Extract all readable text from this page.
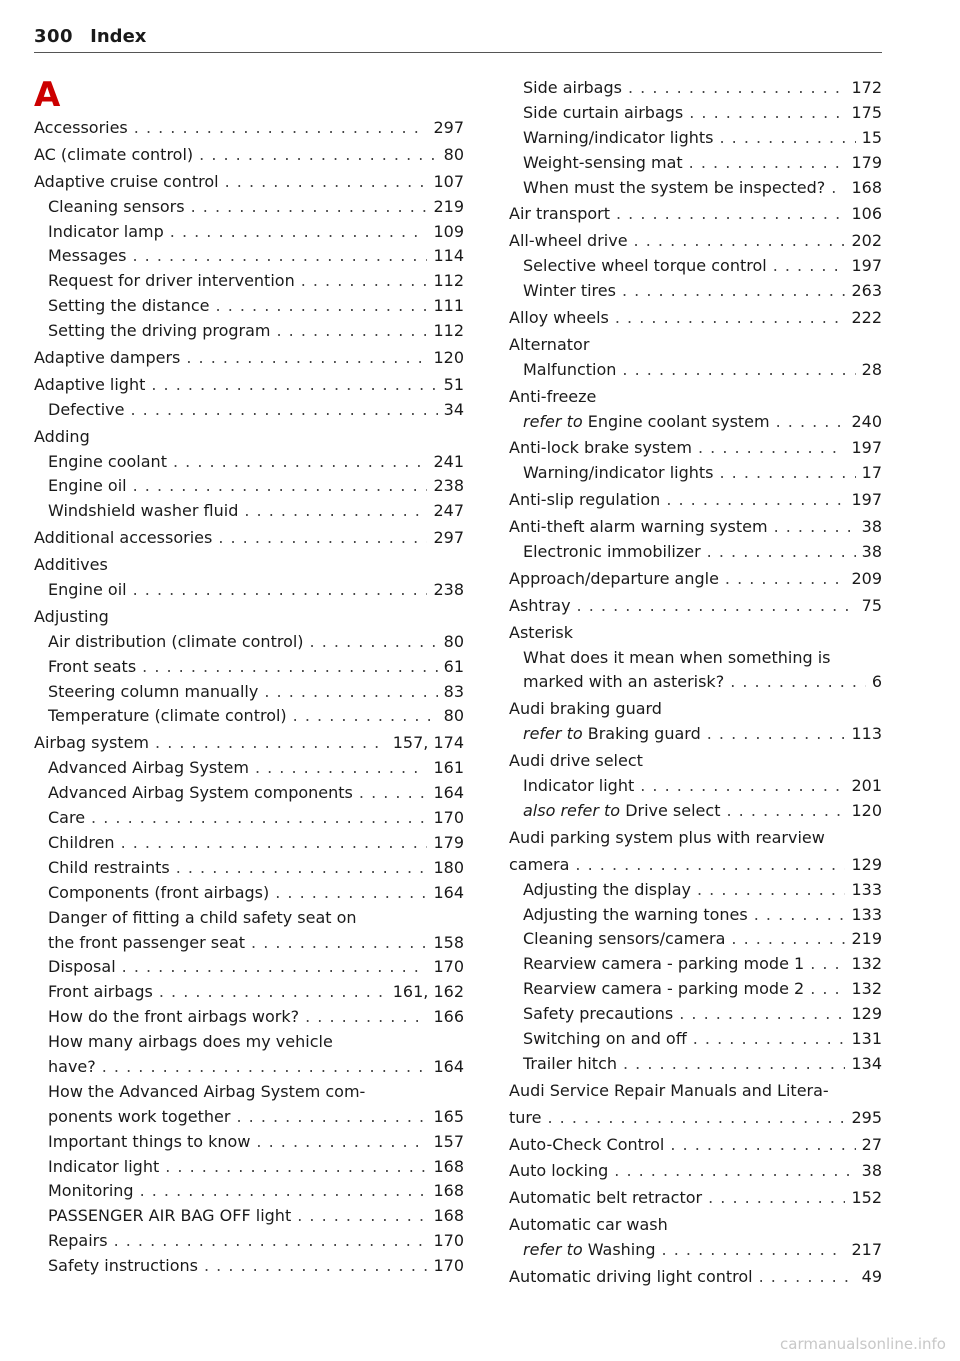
300 Index
A
Accessories . . .	297
AC (climate control) . . .	80
Adaptive cruise control . . .	107
Cleaning sensors . . .	219
Indicator lamp . . .	109
Messages . . .	114
Request for driver intervention . . .	112
Setting the distance . . .	111
Setting the driving program . . .	112
Adaptive dampers . . .	120
Adaptive light . . .	51
Defective . . .	34
Adding
Engine coolant . . .	241
Engine oil . . .	238
Windshield washer fluid . . .	247
Additional accessories . . .	297
Additives
Engine oil . . .	238
Adjusting
Air distribution (climate control) . . .	80
Front seats . . .	61
Steering column manually . . .	83
Temperature (climate control) . . .	80
Airbag system . . .	157, 174
Advanced Airbag System . . .	161
Advanced Airbag System components . . .	164
Care . . .	170
Children . . .	179
Child restraints . . .	180
Components (front airbags) . . .	164
Danger of fitting a child safety seat on
the front passenger seat . . .	158
Disposal . . .	170
Front airbags . . .	161, 162
How do the front airbags work? . . .	166
How many airbags does my vehicle
have? . . .	164
How the Advanced Airbag System com-
ponents work together . . .	165
Important things to know . . .	157
Indicator light . . .	168
Monitoring . . .	168
PASSENGER AIR BAG OFF light . . .	168
Repairs . . .	170
Safety instructions . . .	170
Side airbags . . .	172
Side curtain airbags . . .	175
Warning/indicator lights . . .	15
Weight-sensing mat . . .	179
When must the system be inspected? . . . 168
Air transport . . .	106
All-wheel drive . . .	202
Selective wheel torque control . . .	197
Winter tires . . .	263
Alloy wheels . . .	222
Alternator
Malfunction . . .	28
Anti-freeze
refer to Engine coolant system . . .	240
Anti-lock brake system . . .	197
Warning/indicator lights . . .	17
Anti-slip regulation . . .	197
Anti-theft alarm warning system . . .	38
Electronic immobilizer . . .	38
Approach/departure angle . . .	209
Ashtray . . .	75
Asterisk
What does it mean when something is
marked with an asterisk? . . .	6
Audi braking guard
refer to Braking guard . . .	113
Audi drive select
Indicator light . . .	201
also refer to Drive select . . .	120
Audi parking system plus with rearview
camera . . .	129
Adjusting the display . . .	133
Adjusting the warning tones . . .	133
Cleaning sensors/camera . . .	219
Rearview camera - parking mode 1 . . .	132
Rearview camera - parking mode 2 . . .	132
Safety precautions . . .	129
Switching on and off . . .	131
Trailer hitch . . .	134
Audi Service Repair Manuals and Litera-
ture . . .	295
Auto-Check Control . . .	27
Auto locking . . .	38
Automatic belt retractor . . .	152
Automatic car wash
refer to Washing . . .	217
Automatic driving light control . . .	49
carmanualsonline.info
